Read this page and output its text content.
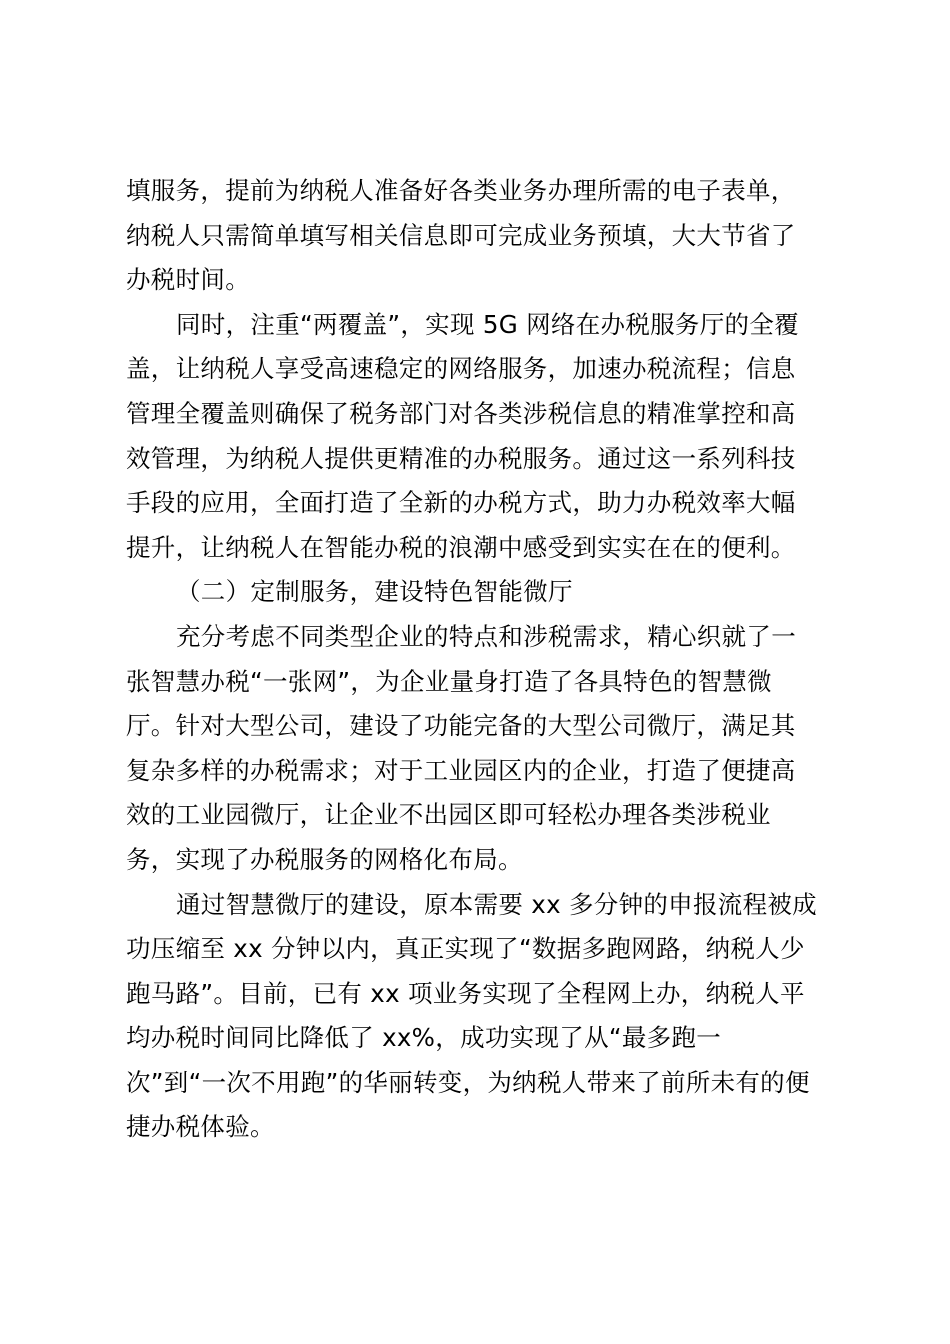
填服务，提前为纳税人准备好各类业务办理所需的电子表单，
纳税人只需简单填写相关信息即可完成业务预填，大大节省了
办税时间。
同时，注重“两覆盖”，实现 5G 网络在办税服务厅的全覆
盖，让纳税人享受高速稳定的网络服务，加速办税流程；信息
管理全覆盖则确保了税务部门对各类涉税信息的精准掌控和高
效管理，为纳税人提供更精准的办税服务。通过这一系列科技
手段的应用，全面打造了全新的办税方式，助力办税效率大幅
提升，让纳税人在智能办税的浪潮中感受到实实在在的便利。
（二）定制服务，建设特色智能微厅
充分考虑不同类型企业的特点和涉税需求，精心织就了一
张智慧办税“一张网”，为企业量身打造了各具特色的智慧微
厅。针对大型公司，建设了功能完备的大型公司微厅，满足其
复杂多样的办税需求；对于工业园区内的企业，打造了便捷高
效的工业园微厅，让企业不出园区即可轻松办理各类涉税业
务，实现了办税服务的网格化布局。
通过智慧微厅的建设，原本需要 xx 多分钟的申报流程被成
功压缩至 xx 分钟以内，真正实现了“数据多跑网路，纳税人少
跑马路”。目前，已有 xx 项业务实现了全程网上办，纳税人平
均办税时间同比降低了 xx%，成功实现了从“最多跑一
次”到“一次不用跑”的华丽转变，为纳税人带来了前所未有的便
捷办税体验。
